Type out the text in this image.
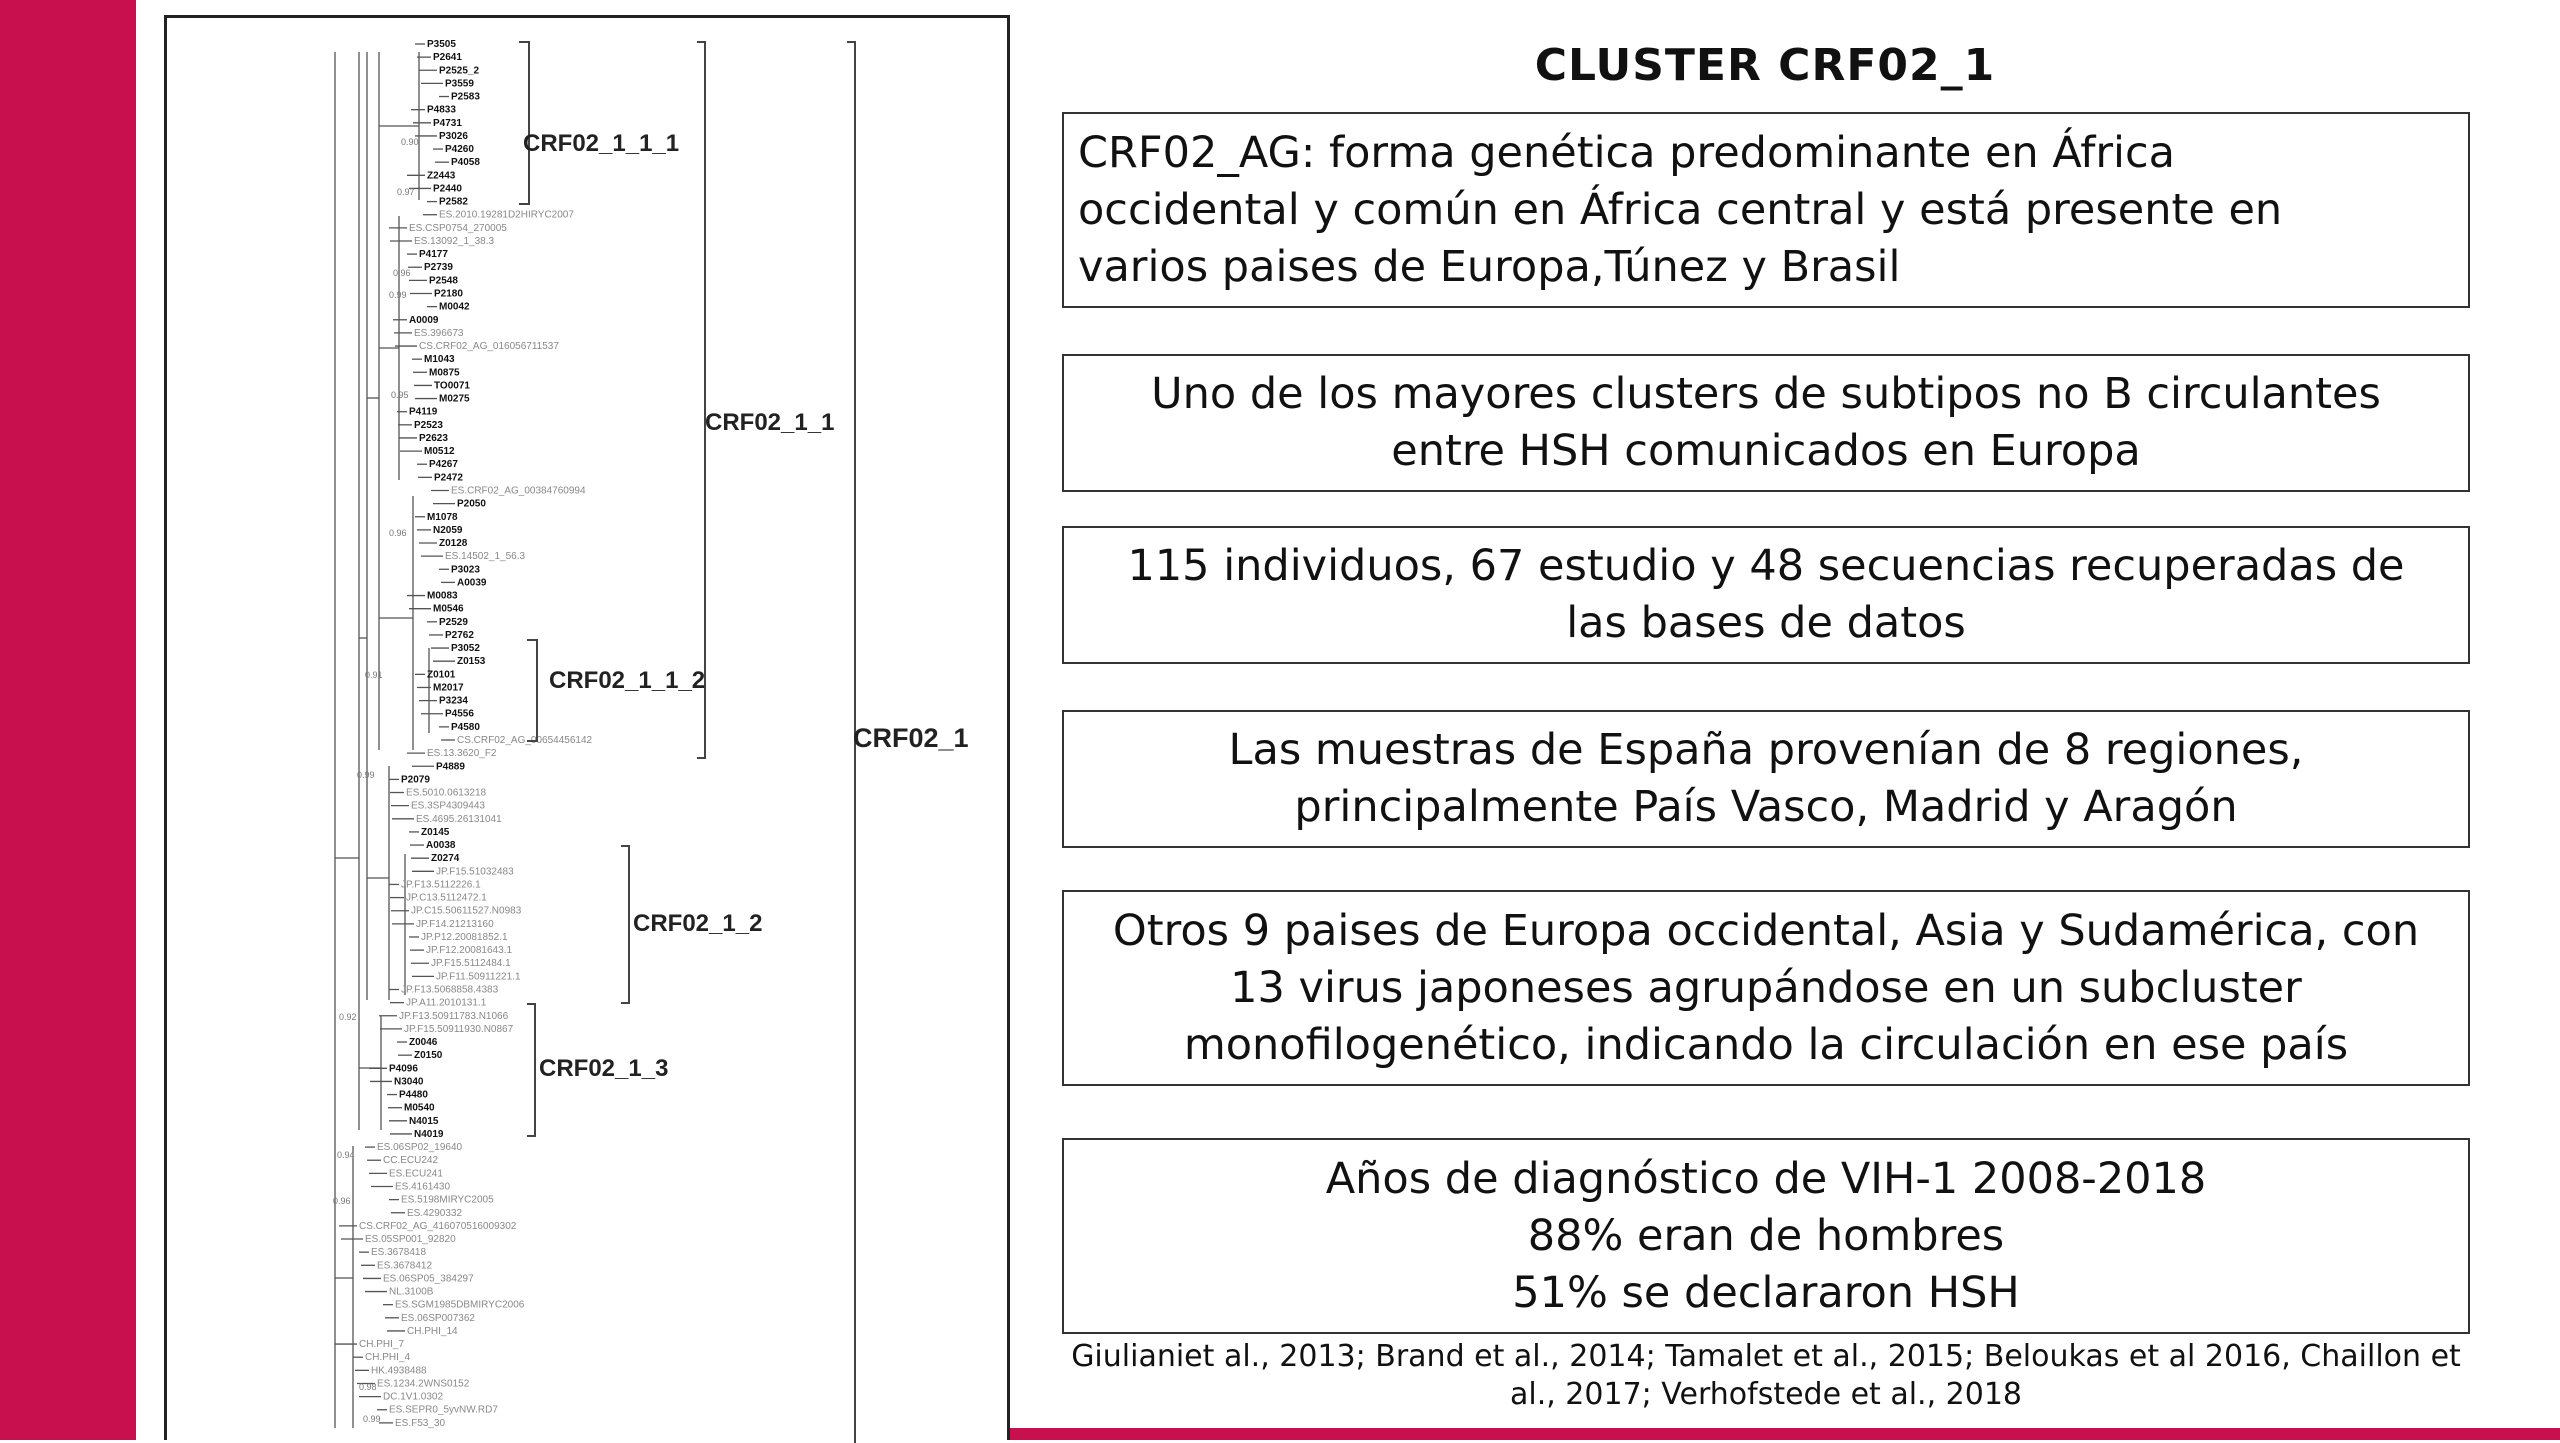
P3505
P2641
P2525_2
P3559
P2583
P4833
P4731
P3026
P4260
P4058
Z2443
P2440
P2582
ES.2010.19281D2HIRYC2007
ES.CSP0754_270005
ES.13092_1_38.3
P4177
P2739
P2548
P2180
M0042
A0009
ES.396673
CS.CRF02_AG_016056711537
M1043
M0875
TO0071
M0275
P4119
P2523
P2623
M0512
P4267
P2472
ES.CRF02_AG_00384760994
P2050
M1078
N2059
Z0128
ES.14502_1_56.3
P3023
A0039
M0083
M0546
P2529
P2762
P3052
Z0153
Z0101
M2017
P3234
P4556
P4580
CS.CRF02_AG_00654456142
ES.13.3620_F2
P4889
P2079
ES.5010.0613218
ES.3SP4309443
ES.4695.26131041
Z0145
A0038
Z0274
JP.F15.51032483
JP.F13.5112226.1
JP.C13.5112472.1
JP.C15.50611527.N0983
JP.F14.21213160
JP.P12.20081852.1
JP.F12.20081643.1
JP.F15.5112484.1
JP.F11.50911221.1
JP.F13.5068858.4383
JP.A11.2010131.1
JP.F13.50911783.N1066
JP.F15.50911930.N0867
Z0046
Z0150
P4096
N3040
P4480
M0540
N4015
N4019
ES.06SP02_19640
CC.ECU242
ES.ECU241
ES.4161430
ES.5198MIRYC2005
ES.4290332
CS.CRF02_AG_416070516009302
ES.05SP001_92820
ES.3678418
ES.3678412
ES.06SP05_384297
NL.3100B
ES.SGM1985DBMIRYC2006
ES.06SP007362
CH.PHI_14
CH.PHI_7
CH.PHI_4
HK.4938488
ES.1234.2WNS0152
DC.1V1.0302
ES.SEPR0_5yvNW.RD7
ES.F53_30
0.90
0.97
0.96
0.99
0.95
0.96
0.91
0.99
0.92
0.94
0.96
0.98
0.99
CRF02_1_1_1
CRF02_1_1
CRF02_1
CRF02_1_1_2
CRF02_1_2
CRF02_1_3
CLUSTER CRF02_1
CRF02_AG: forma genética predominante en África
occidental y común en África central y está presente en
varios paises de Europa,Túnez y Brasil
Uno de los mayores clusters de subtipos no B circulantes
entre HSH comunicados en Europa
115 individuos, 67 estudio y 48 secuencias recuperadas de
las bases de datos
Las muestras de España provenían de 8 regiones,
principalmente País Vasco, Madrid y Aragón
Otros 9 paises de Europa occidental, Asia y Sudamérica, con
13 virus japoneses agrupándose en un subcluster
monofilogenético, indicando la circulación en ese país
Años de diagnóstico de VIH-1 2008-2018
88% eran de hombres
51% se declararon HSH
Giulianiet al., 2013; Brand et al., 2014; Tamalet et al., 2015; Beloukas et al 2016, Chaillon et
al., 2017; Verhofstede et al., 2018
